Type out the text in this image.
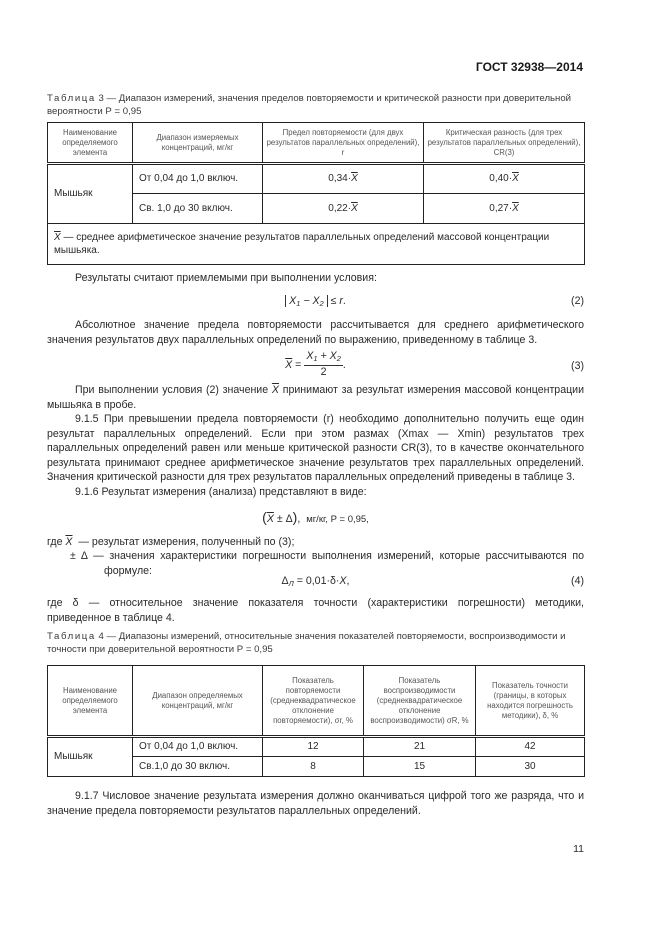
ГОСТ 32938—2014
Таблица 3 — Диапазон измерений, значения пределов повторяемости и критической разности при доверительной вероятности Р = 0,95
Наименование определяемого элемента	Диапазон измеряемых концентраций, мг/кг	Предел повторяемости (для двух результатов параллельных определений), r	Критическая разность (для трех результатов параллельных определений), CR(3)
Мышьяк	От 0,04 до 1,0 включ.	$0,34\cdot\overline{X}$	$0,40\cdot\overline{X}$
	Св. 1,0 до 30 включ.	$0,22\cdot\overline{X}$	$0,27\cdot\overline{X}$
$\overline{X}$ — среднее арифметическое значение результатов параллельных определений массовой концентрации мышьяка.			
Результаты считают приемлемыми при выполнении условия:
$X_1 - X_2 \le r$.	(2)
Абсолютное значение предела повторяемости рассчитывается для среднего арифметического значения результатов двух параллельных определений по выражению, приведенному в таблице 3.
$\overline{X} = \frac{X_1 + X_2}{2}$ .	(3)
При выполнении условия (2) значение $\overline{X}$ принимают за результат измерения массовой концентрации мышьяка в пробе.
9.1.5 При превышении предела повторяемости (r) необходимо дополнительно получить еще один результат параллельных определений. Если при этом размах (Xmax — Xmin) результатов трех параллельных определений равен или меньше критической разности CR(3), то в качестве окончательного результата принимают среднее арифметическое значение результатов трех параллельных определений. Значения критической разности для трех результатов параллельных определений приведены в таблице 3.
9.1.6 Результат измерения (анализа) представляют в виде:
$(\overline{X} \pm \Delta)$,  мг/кг, Р = 0,95,
где $\overline{X}$ — результат измерения, полученный по (3);
± Δ — значения характеристики погрешности выполнения измерений, которые рассчитываются по формуле:
$\Delta_Л = 0,01\cdot\delta\cdot X$,	(4)
где δ — относительное значение показателя точности (характеристики погрешности) методики, приведенное в таблице 4.
Таблица 4 — Диапазоны измерений, относительные значения показателей повторяемости, воспроизводимости и точности при доверительной вероятности Р = 0,95
Наименование определяемого элемента	Диапазон определяемых концентраций, мг/кг	Показатель повторяемости (среднеквадратическое отклонение повторяемости), σr, %	Показатель воспроизводимости (среднеквадратическое отклонение воспроизводимости) σR, %	Показатель точности (границы, в которых находится погрешность методики), δ, %
Мышьяк	От 0,04 до 1,0 включ.	12	21	42
	Св.1,0 до 30 включ.	8	15	30
9.1.7 Числовое значение результата измерения должно оканчиваться цифрой того же разряда, что и значение предела повторяемости результатов параллельных определений.
11
